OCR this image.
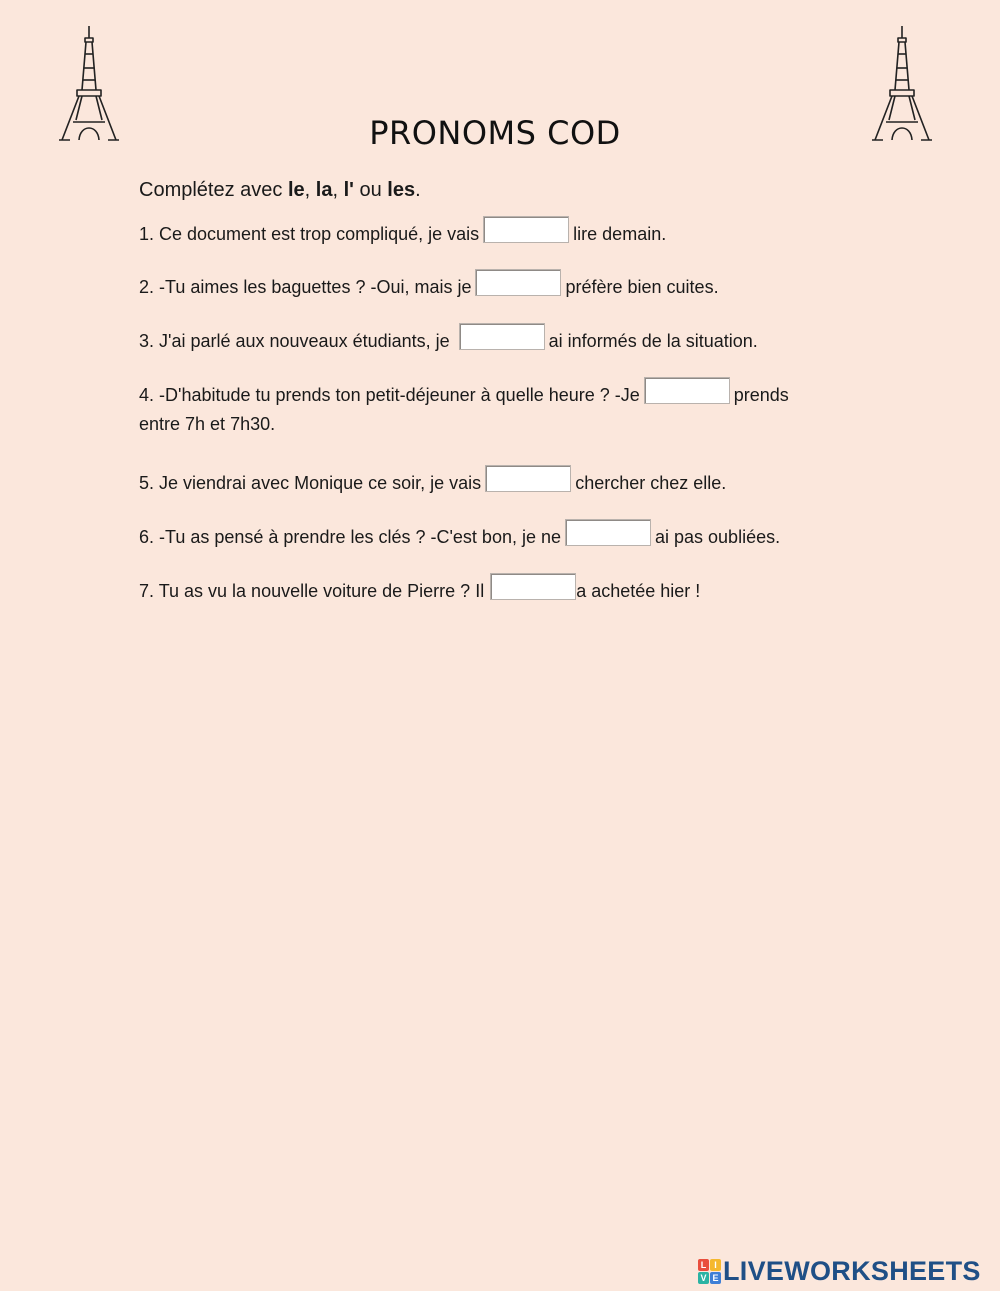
PRONOMS COD
Complétez avec le, la, l' ou les.
1. Ce document est trop compliqué, je vais	lire demain.
2. -Tu aimes les baguettes ? -Oui, mais je	préfère bien cuites.
3. J'ai parlé aux nouveaux étudiants, je	ai informés de la situation.
4. -D'habitude tu prends ton petit-déjeuner à quelle heure ? -Je	prends
entre 7h et 7h30.
5. Je viendrai avec Monique ce soir, je vais	chercher chez elle.
6. -Tu as pensé à prendre les clés ? -C'est bon, je ne	ai pas oubliées.
7. Tu as vu la nouvelle voiture de Pierre ? Il	a achetée hier !
L I
V E LIVEWORKSHEETS
